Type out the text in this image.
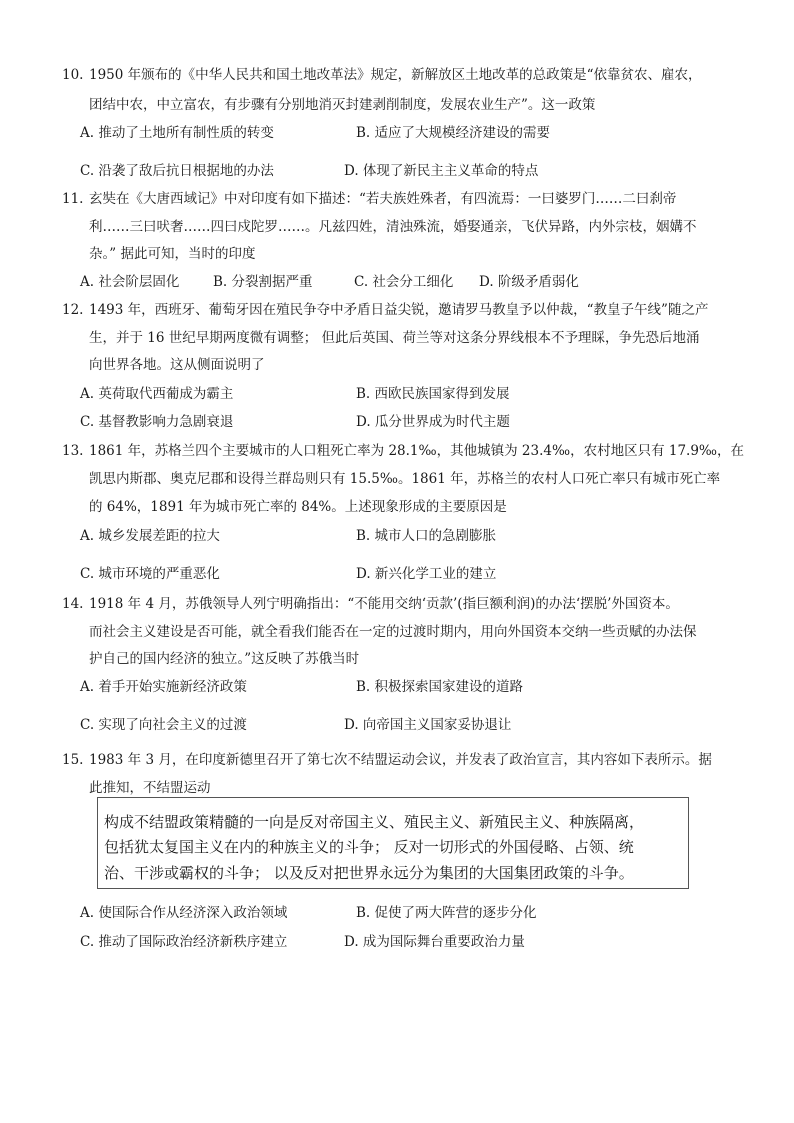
10. 1950 年颁布的《中华人民共和国土地改革法》规定，新解放区土地改革的总政策是“依靠贫农、雇农，
团结中农，中立富农，有步骤有分别地消灭封建剥削制度，发展农业生产”。这一政策
A. 推动了土地所有制性质的转变	B. 适应了大规模经济建设的需要
C. 沿袭了敌后抗日根据地的办法	D. 体现了新民主主义革命的特点
11. 玄奘在《大唐西域记》中对印度有如下描述：“若夫族姓殊者，有四流焉：一曰婆罗门……二曰刹帝
利……三曰吠奢……四曰戍陀罗……。凡兹四姓，清浊殊流，婚娶通亲，飞伏异路，内外宗枝，姻媾不
杂。” 据此可知，当时的印度
A. 社会阶层固化 B. 分裂割据严重	C. 社会分工细化 D. 阶级矛盾弱化
12. 1493 年，西班牙、葡萄牙因在殖民争夺中矛盾日益尖锐，邀请罗马教皇予以仲裁，“教皇子午线”随之产
生，并于 16 世纪早期两度微有调整； 但此后英国、荷兰等对这条分界线根本不予理睬，争先恐后地涌
向世界各地。这从侧面说明了
A. 英荷取代西葡成为霸主	B. 西欧民族国家得到发展
C. 基督教影响力急剧衰退	D. 瓜分世界成为时代主题
13. 1861 年，苏格兰四个主要城市的人口粗死亡率为 28.1‰，其他城镇为 23.4‰，农村地区只有 17.9‰，在
凯思内斯郡、奥克尼郡和设得兰群岛则只有 15.5‰。1861 年，苏格兰的农村人口死亡率只有城市死亡率
的 64%，1891 年为城市死亡率的 84%。上述现象形成的主要原因是
A. 城乡发展差距的拉大	B. 城市人口的急剧膨胀
C. 城市环境的严重恶化	D. 新兴化学工业的建立
14. 1918 年 4 月，苏俄领导人列宁明确指出：“不能用交纳‘贡款’(指巨额利润)的办法‘摆脱’外国资本。
而社会主义建设是否可能，就全看我们能否在一定的过渡时期内，用向外国资本交纳一些贡赋的办法保
护自己的国内经济的独立。”这反映了苏俄当时
A. 着手开始实施新经济政策	B. 积极探索国家建设的道路
C. 实现了向社会主义的过渡	D. 向帝国主义国家妥协退让
15. 1983 年 3 月，在印度新德里召开了第七次不结盟运动会议，并发表了政治宣言，其内容如下表所示。据
此推知，不结盟运动
构成不结盟政策精髓的一向是反对帝国主义、殖民主义、新殖民主义、种族隔离，
包括犹太复国主义在内的种族主义的斗争； 反对一切形式的外国侵略、占领、统
治、干涉或霸权的斗争； 以及反对把世界永远分为集团的大国集团政策的斗争。
A. 使国际合作从经济深入政治领域	B. 促使了两大阵营的逐步分化
C. 推动了国际政治经济新秩序建立	D. 成为国际舞台重要政治力量
